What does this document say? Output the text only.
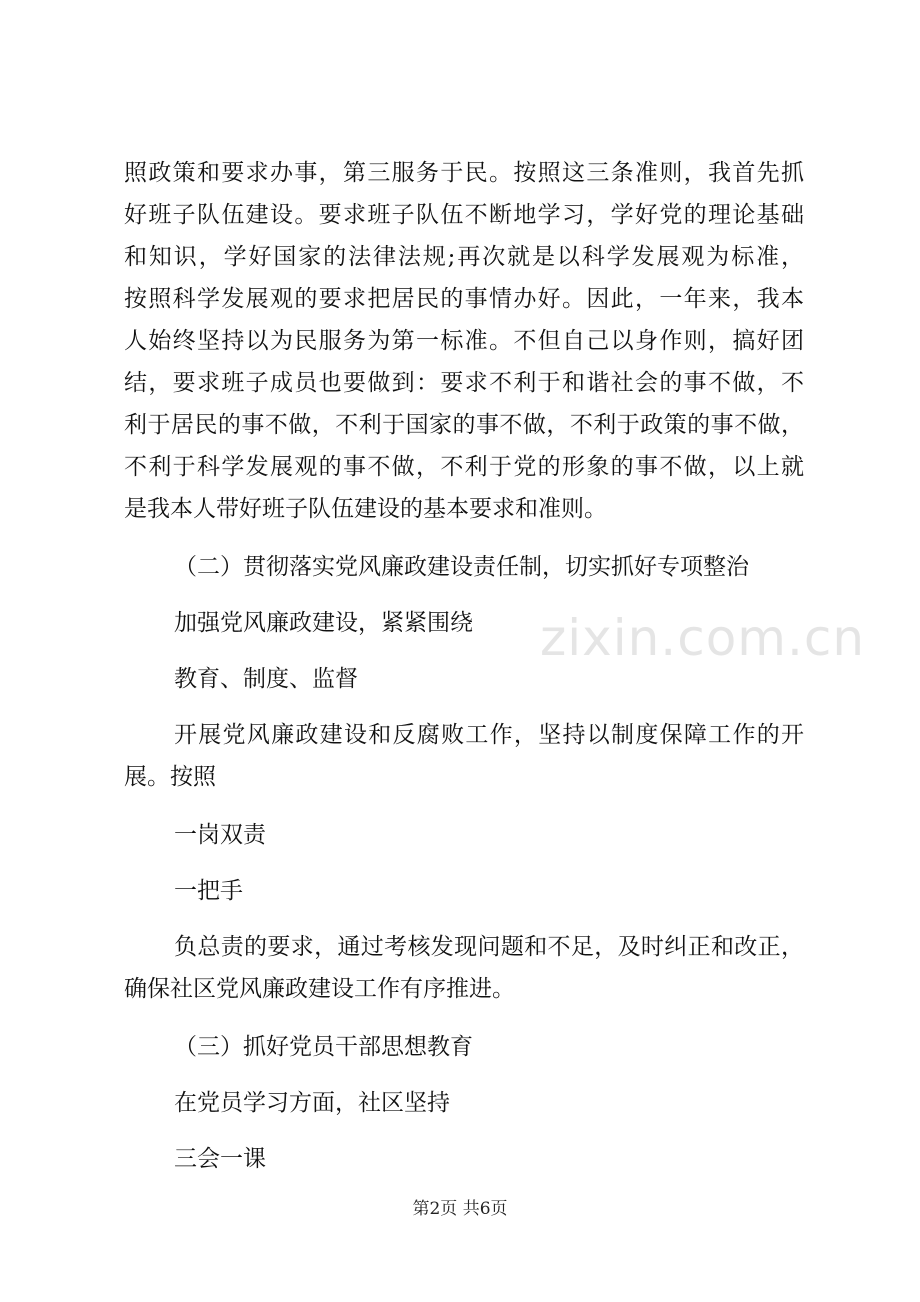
照政策和要求办事，第三服务于民。按照这三条准则，我首先抓
好班子队伍建设。要求班子队伍不断地学习，学好党的理论基础
和知识，学好国家的法律法规;再次就是以科学发展观为标准，
按照科学发展观的要求把居民的事情办好。因此，一年来，我本
人始终坚持以为民服务为第一标准。不但自己以身作则，搞好团
结，要求班子成员也要做到：要求不利于和谐社会的事不做，不
利于居民的事不做，不利于国家的事不做，不利于政策的事不做，
不利于科学发展观的事不做，不利于党的形象的事不做，以上就
是我本人带好班子队伍建设的基本要求和准则。
（二）贯彻落实党风廉政建设责任制，切实抓好专项整治
加强党风廉政建设，紧紧围绕
教育、制度、监督
开展党风廉政建设和反腐败工作，坚持以制度保障工作的开
展。按照
一岗双责
一把手
负总责的要求，通过考核发现问题和不足，及时纠正和改正，
确保社区党风廉政建设工作有序推进。
（三）抓好党员干部思想教育
在党员学习方面，社区坚持
三会一课
zixin.com.cn
第2页 共6页
